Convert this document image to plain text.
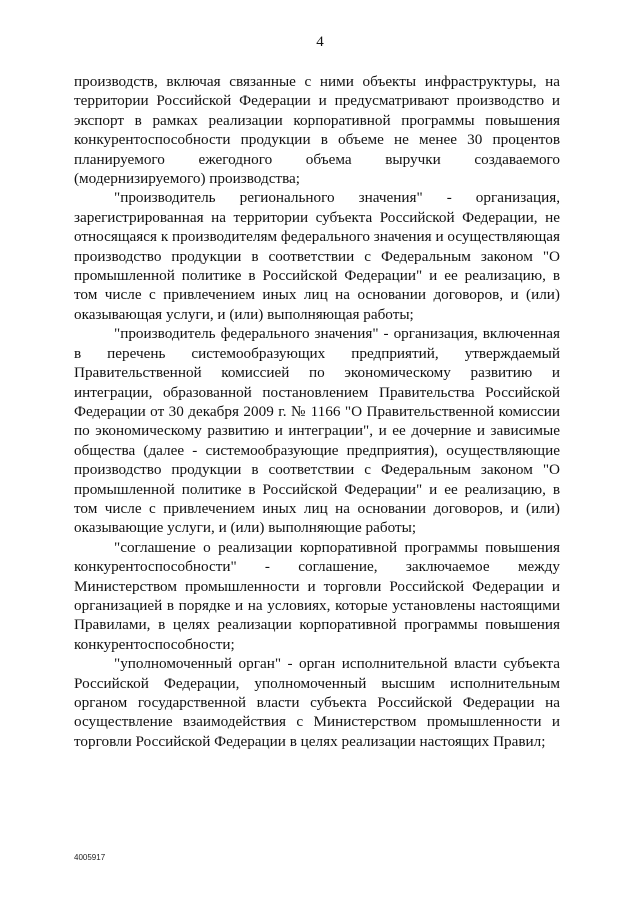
4

производств, включая связанные с ними объекты инфраструктуры, на территории Российской Федерации и предусматривают производство и экспорт в рамках реализации корпоративной программы повышения конкурентоспособности продукции в объеме не менее 30 процентов планируемого ежегодного объема выручки создаваемого (модернизируемого) производства;

"производитель регионального значения" - организация, зарегистрированная на территории субъекта Российской Федерации, не относящаяся к производителям федерального значения и осуществляющая производство продукции в соответствии с Федеральным законом "О промышленной политике в Российской Федерации" и ее реализацию, в том числе с привлечением иных лиц на основании договоров, и (или) оказывающая услуги, и (или) выполняющая работы;

"производитель федерального значения" - организация, включенная в перечень системообразующих предприятий, утверждаемый Правительственной комиссией по экономическому развитию и интеграции, образованной постановлением Правительства Российской Федерации от 30 декабря 2009 г. № 1166 "О Правительственной комиссии по экономическому развитию и интеграции", и ее дочерние и зависимые общества (далее - системообразующие предприятия), осуществляющие производство продукции в соответствии с Федеральным законом "О промышленной политике в Российской Федерации" и ее реализацию, в том числе с привлечением иных лиц на основании договоров, и (или) оказывающие услуги, и (или) выполняющие работы;

"соглашение о реализации корпоративной программы повышения конкурентоспособности" - соглашение, заключаемое между Министерством промышленности и торговли Российской Федерации и организацией в порядке и на условиях, которые установлены настоящими Правилами, в целях реализации корпоративной программы повышения конкурентоспособности;

"уполномоченный орган" - орган исполнительной власти субъекта Российской Федерации, уполномоченный высшим исполнительным органом государственной власти субъекта Российской Федерации на осуществление взаимодействия с Министерством промышленности и торговли Российской Федерации в целях реализации настоящих Правил;

4005917
